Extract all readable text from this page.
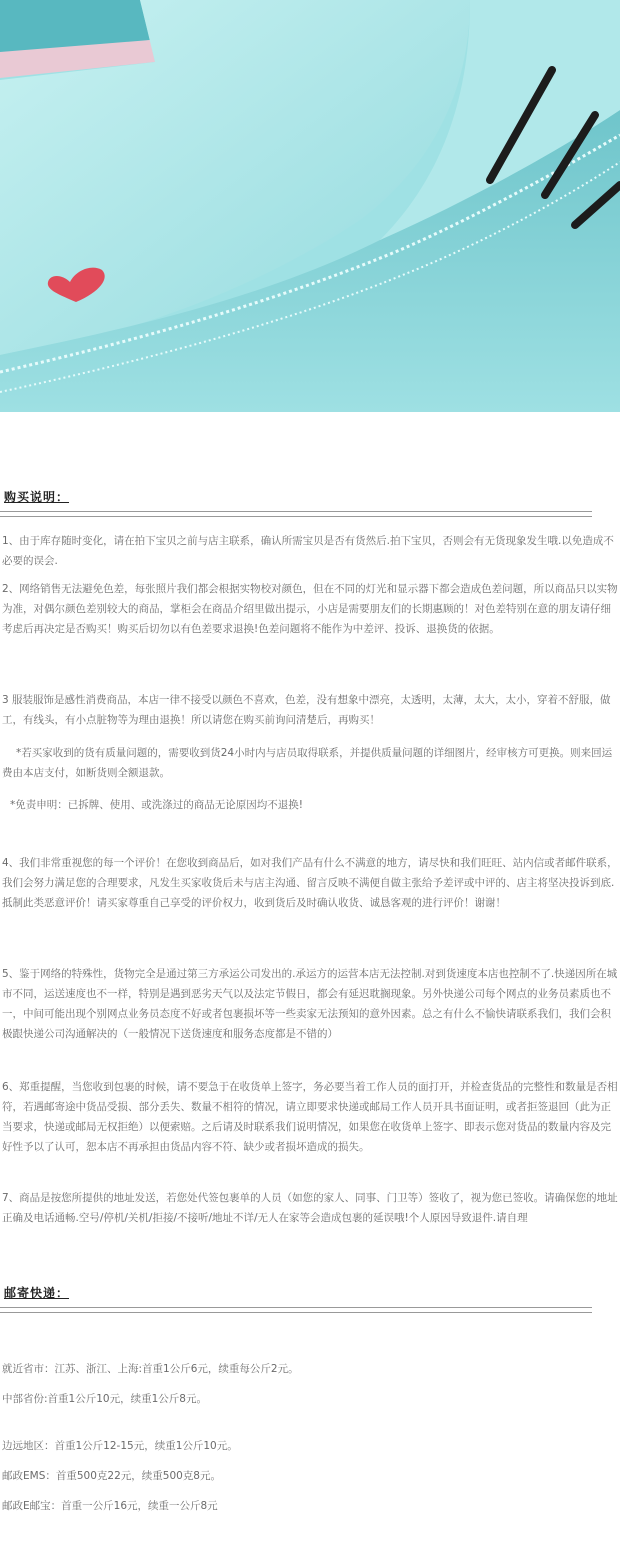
购买说明：
1、由于库存随时变化，请在拍下宝贝之前与店主联系，确认所需宝贝是否有货然后.拍下宝贝，否则会有无货现象发生哦.以免造成不必要的误会.
2、网络销售无法避免色差，每张照片我们都会根据实物校对颜色，但在不同的灯光和显示器下都会造成色差问题，所以商品只以实物为准，对偶尔颜色差别较大的商品，掌柜会在商品介绍里做出提示，小店是需要朋友们的长期惠顾的！对色差特别在意的朋友请仔细考虑后再决定是否购买！购买后切勿以有色差要求退换!色差问题将不能作为中差评、投诉、退换货的依据。
3 服装服饰是感性消费商品，本店一律不接受以颜色不喜欢，色差，没有想象中漂亮，太透明，太薄，太大，太小，穿着不舒服，做工，有线头，有小点脏物等为理由退换！所以请您在购买前询问清楚后，再购买！
*若买家收到的货有质量问题的，需要收到货24小时内与店员取得联系，并提供质量问题的详细图片，经审核方可更换。则来回运费由本店支付，如断货则全额退款。
*免责申明：已拆牌、使用、或洗涤过的商品无论原因均不退换!
4、我们非常重视您的每一个评价！在您收到商品后，如对我们产品有什么不满意的地方，请尽快和我们旺旺、站内信或者邮件联系，我们会努力满足您的合理要求，凡发生买家收货后未与店主沟通、留言反映不满便自做主张给予差评或中评的、店主将坚决投诉到底.抵制此类恶意评价！请买家尊重自己享受的评价权力，收到货后及时确认收货、诚恳客观的进行评价！谢谢！
5、鉴于网络的特殊性，货物完全是通过第三方承运公司发出的.承运方的运营本店无法控制.对到货速度本店也控制不了.快递因所在城市不同，运送速度也不一样，特别是遇到恶劣天气以及法定节假日，都会有延迟耽搁现象。另外快递公司每个网点的业务员素质也不一，中间可能出现个别网点业务员态度不好或者包裹损坏等一些卖家无法预知的意外因素。总之有什么不愉快请联系我们，我们会积极跟快递公司沟通解决的（一般情况下送货速度和服务态度都是不错的）
6、郑重提醒，当您收到包裹的时候，请不要急于在收货单上签字，务必要当着工作人员的面打开，并检查货品的完整性和数量是否相符，若遇邮寄途中货品受损、部分丢失、数量不相符的情况，请立即要求快递或邮局工作人员开具书面证明，或者拒签退回（此为正当要求，快递或邮局无权拒绝）以便索赔。之后请及时联系我们说明情况，如果您在收货单上签字、即表示您对货品的数量内容及完好性予以了认可，恕本店不再承担由货品内容不符、缺少或者损坏造成的损失。
7、商品是按您所提供的地址发送，若您处代签包裹单的人员（如您的家人、同事、门卫等）签收了，视为您已签收。请确保您的地址正确及电话通畅.空号/停机/关机/拒接/不接听/地址不详/无人在家等会造成包裹的延误哦!个人原因导致退件.请自理
邮寄快递：
就近省市：江苏、浙江、上海:首重1公斤6元，续重每公斤2元。
中部省份:首重1公斤10元，续重1公斤8元。
边远地区：首重1公斤12-15元，续重1公斤10元。
邮政EMS：首重500克22元，续重500克8元。
邮政E邮宝：首重一公斤16元，续重一公斤8元
